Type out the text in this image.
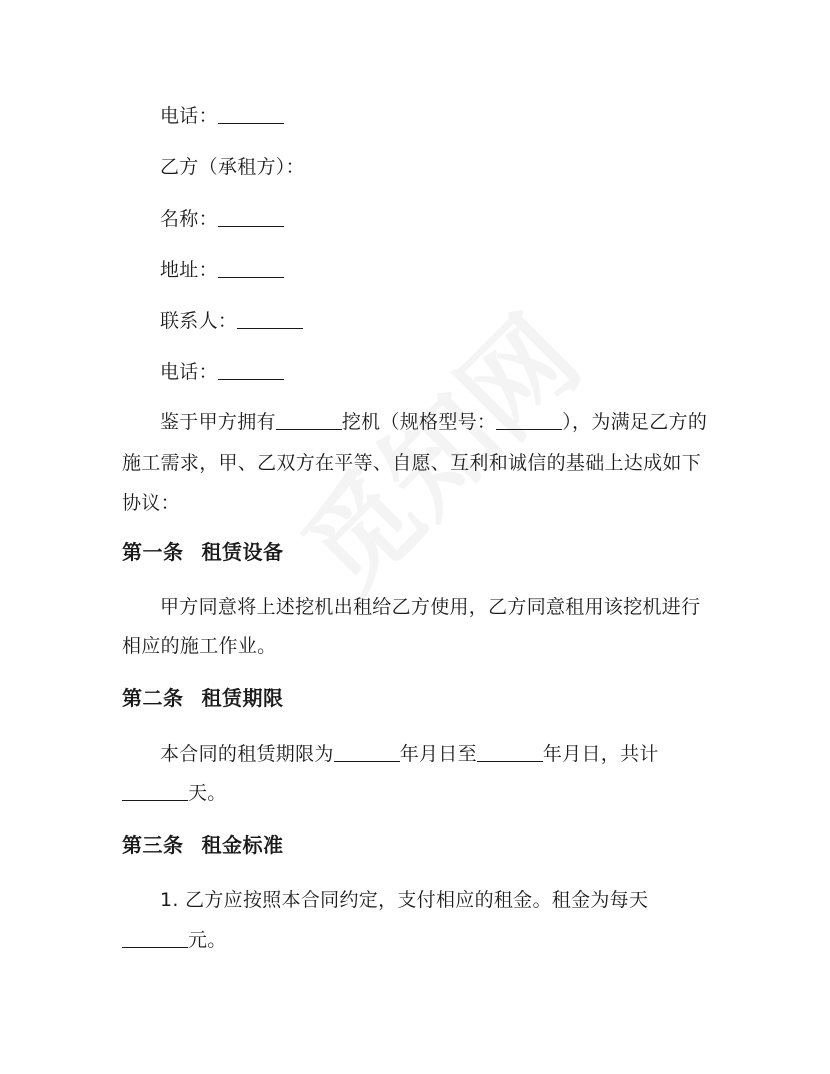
电话：
乙方（承租方）：
名称：
地址：
联系人：
电话：
鉴于甲方拥有	挖机（规格型号：	），为满足乙方的
施工需求，甲、乙双方在平等、自愿、互利和诚信的基础上达成如下
协议：
第一条 租赁设备
甲方同意将上述挖机出租给乙方使用，乙方同意租用该挖机进行
相应的施工作业。
第二条 租赁期限
本合同的租赁期限为	年月日至	年月日，共计
天。
第三条 租金标准
1. 乙方应按照本合同约定，支付相应的租金。租金为每天
元。
